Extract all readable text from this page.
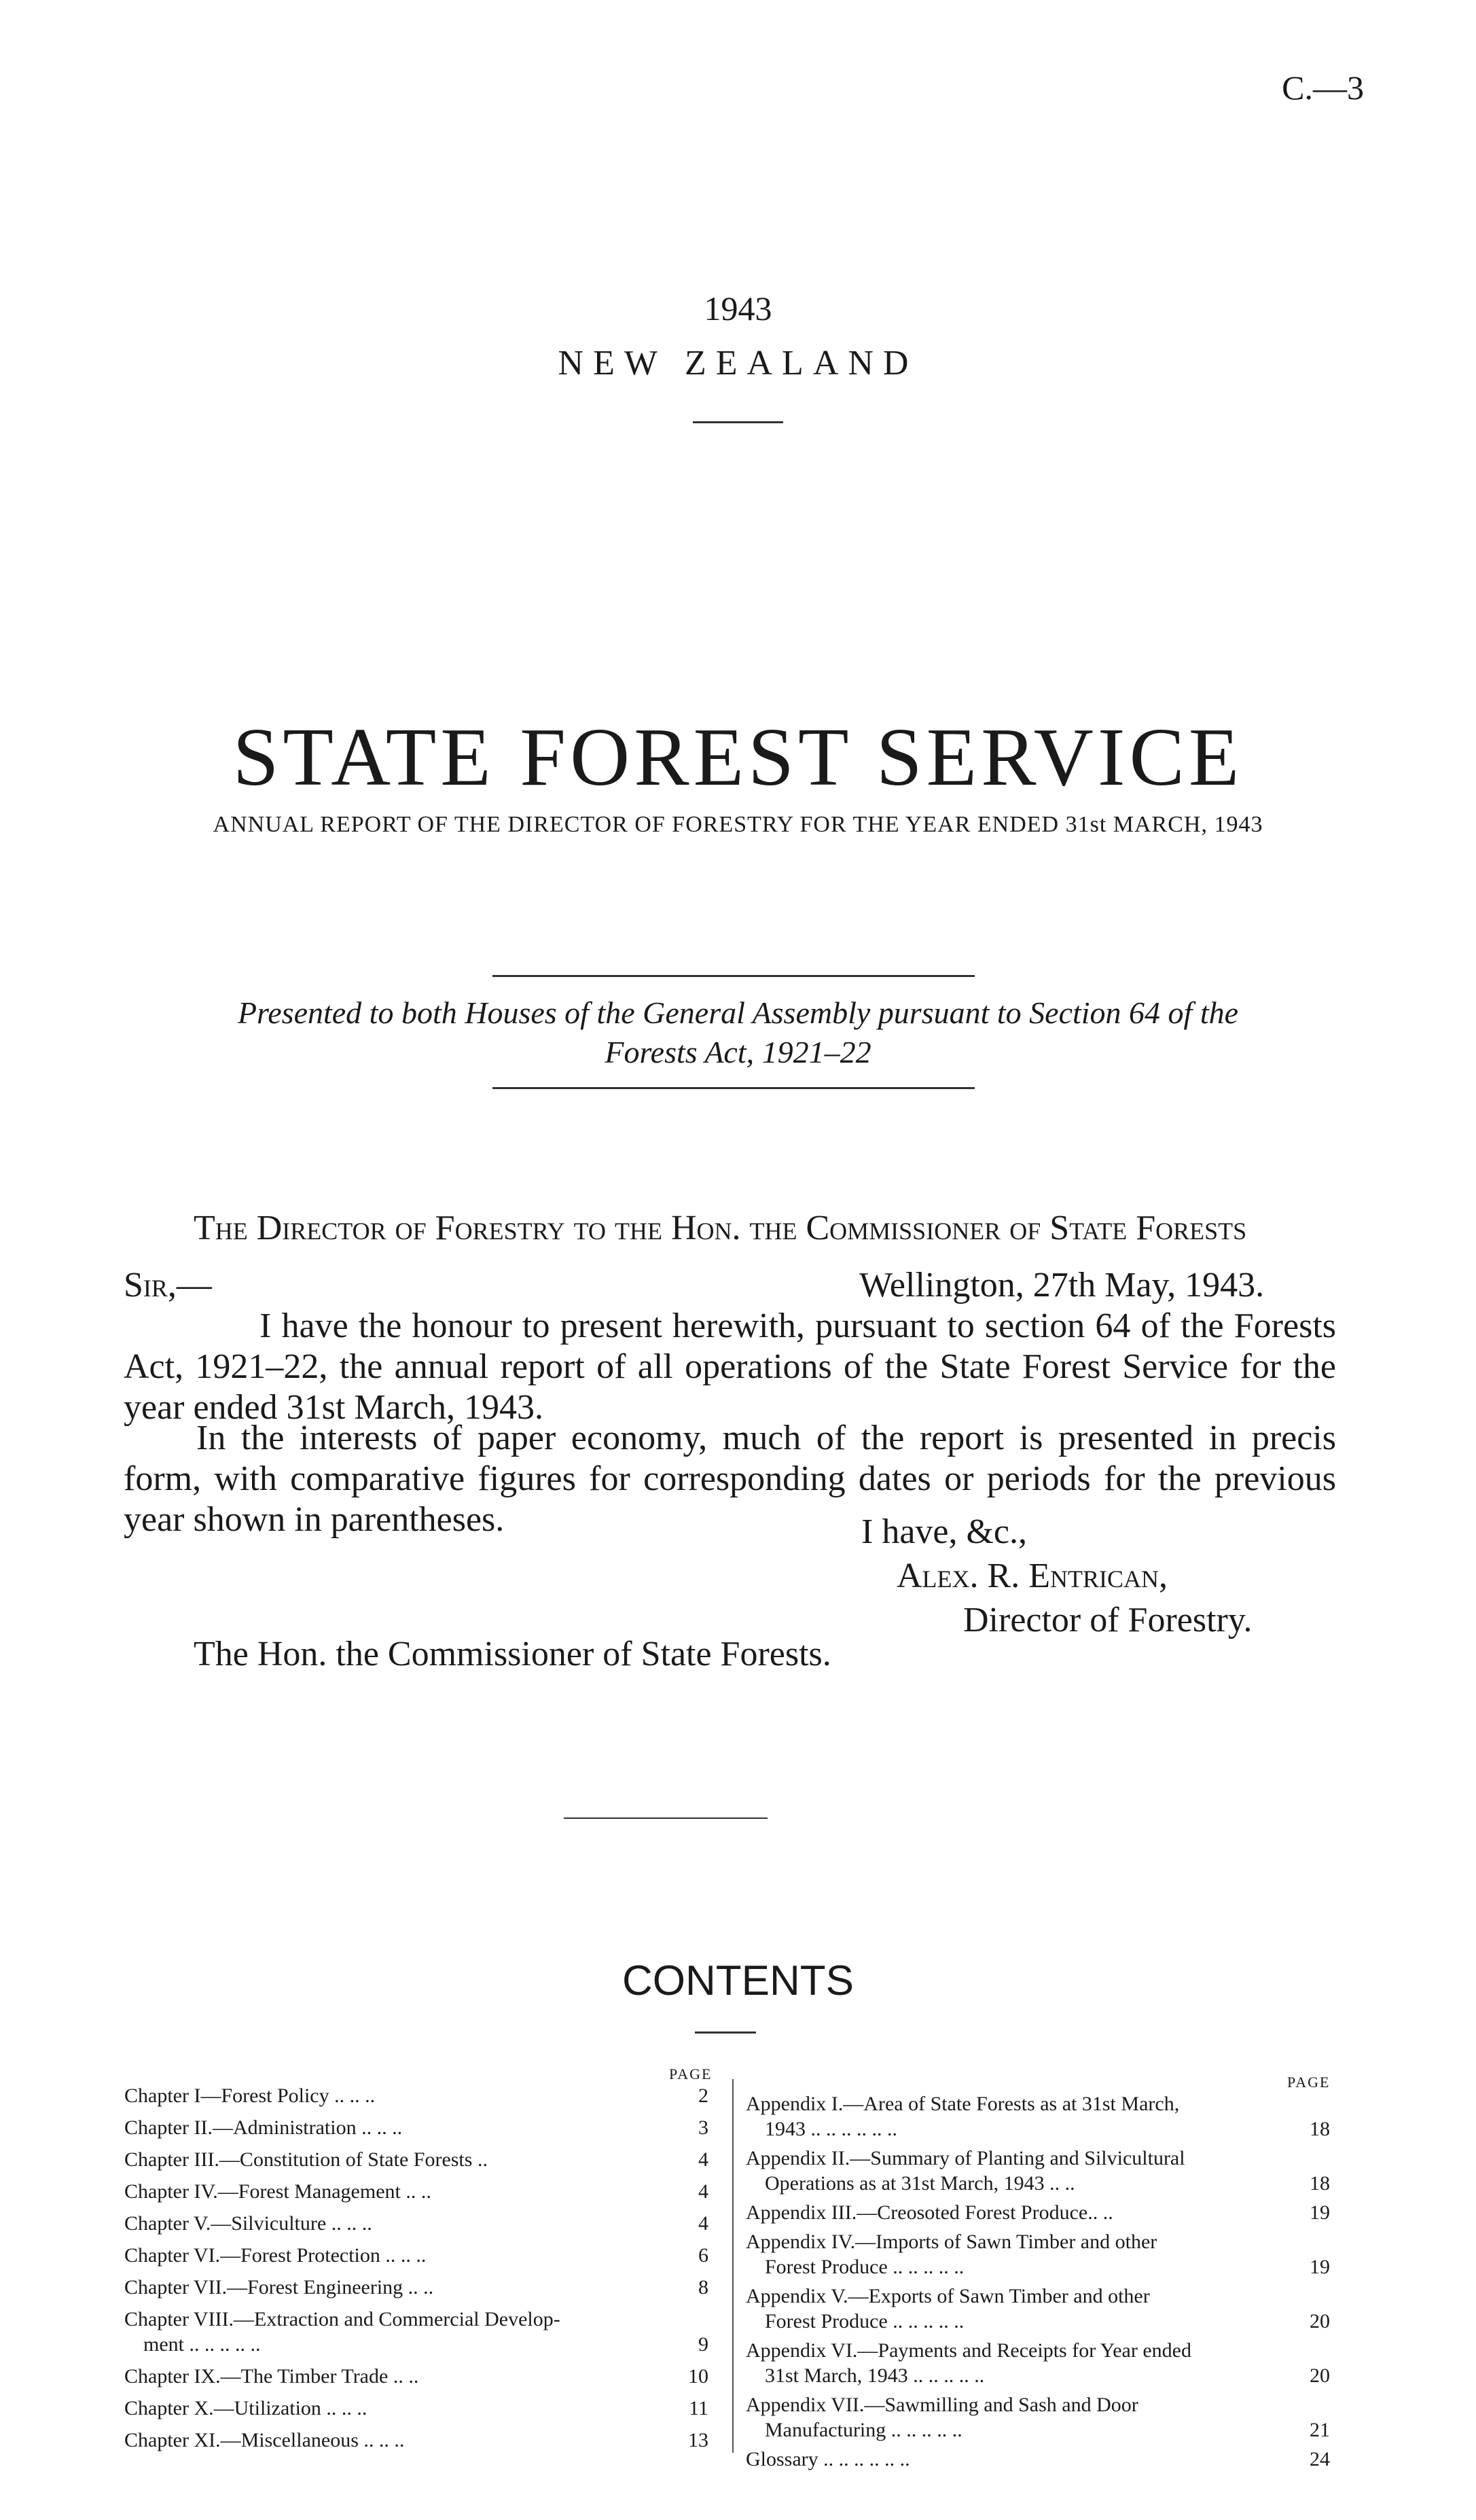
C.—3
1943
NEW ZEALAND
STATE FOREST SERVICE
ANNUAL REPORT OF THE DIRECTOR OF FORESTRY FOR THE YEAR ENDED 31st MARCH, 1943
Presented to both Houses of the General Assembly pursuant to Section 64 of the
Forests Act, 1921–22
The Director of Forestry to the Hon. the Commissioner of State Forests
Sir,—	Wellington, 27th May, 1943.
I have the honour to present herewith, pursuant to section 64 of the Forests Act, 1921–22, the annual report of all operations of the State Forest Service for the year ended 31st March, 1943.
In the interests of paper economy, much of the report is presented in precis form, with comparative figures for corresponding dates or periods for the previous year shown in parentheses.	I have, &c.,
Alex. R. Entrican,
Director of Forestry.
The Hon. the Commissioner of State Forests.
CONTENTS
PAGE	PAGE
Chapter I—Forest Policy .. .. ..	2
Chapter II.—Administration .. .. ..	3
Chapter III.—Constitution of State Forests ..	4
Chapter IV.—Forest Management .. ..	4
Chapter V.—Silviculture .. .. ..	4
Chapter VI.—Forest Protection .. .. ..	6
Chapter VII.—Forest Engineering .. ..	8
Chapter VIII.—Extraction and Commercial Develop-
ment .. .. .. .. ..	9
Chapter IX.—The Timber Trade .. ..	10
Chapter X.—Utilization .. .. ..	11
Chapter XI.—Miscellaneous .. .. ..	13
Appendix I.—Area of State Forests as at 31st March,
1943 .. .. .. .. .. ..	18
Appendix II.—Summary of Planting and Silvicultural
Operations as at 31st March, 1943 .. ..	18
Appendix III.—Creosoted Forest Produce.. ..	19
Appendix IV.—Imports of Sawn Timber and other
Forest Produce .. .. .. .. ..	19
Appendix V.—Exports of Sawn Timber and other
Forest Produce .. .. .. .. ..	20
Appendix VI.—Payments and Receipts for Year ended
31st March, 1943 .. .. .. .. ..	20
Appendix VII.—Sawmilling and Sash and Door
Manufacturing .. .. .. .. ..	21
Glossary .. .. .. .. .. ..	24
